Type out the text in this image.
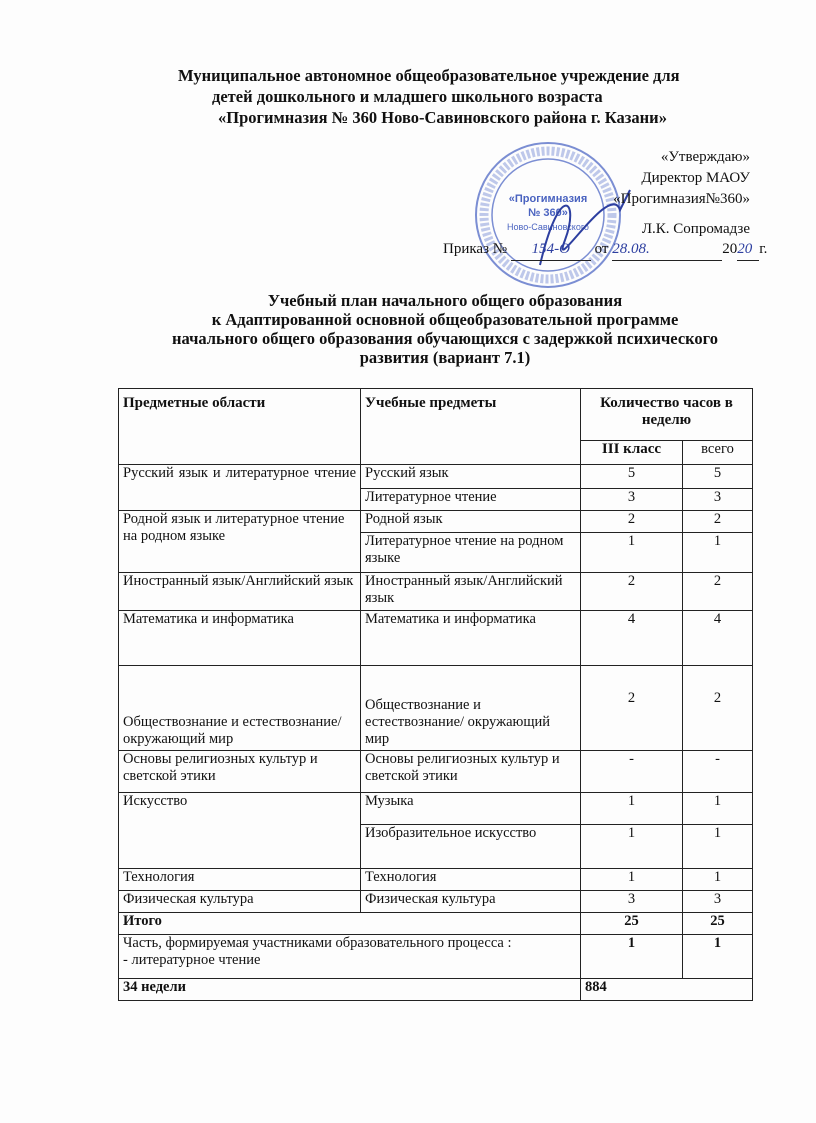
Муниципальное автономное общеобразовательное учреждение для
детей дошкольного и младшего школьного возраста
«Прогимназия № 360 Ново-Савиновского района г. Казани»
«Прогимназия
№ 360»
Ново-Савиновского
«Утверждаю»
Директор МАОУ
«Прогимназия№360»
Л.К. Сопромадзе
Приказ № 154-О от 28.08.	2020 г.
Учебный план начального общего образования
к Адаптированной основной общеобразовательной программе
начального общего образования обучающихся с задержкой психического
развития (вариант 7.1)
Предметные области	Учебные предметы	Количество часов в неделю	
		III класс	всего
Русский язык и литературное чтение	Русский язык	5	5
	Литературное чтение	3	3
Родной язык и литературное чтение на родном языке	Родной язык	2	2
	Литературное чтение на родном языке	1	1
Иностранный язык/Английский язык	Иностранный язык/Английский язык	2	2
Математика и информатика	Математика и информатика	4	4
Обществознание и естествознание/ окружающий мир	Обществознание и естествознание/ окружающий мир	2	2
Основы религиозных культур и светской этики	Основы религиозных культур и светской этики	-	-
Искусство	Музыка	1	1
	Изобразительное искусство	1	1
Технология	Технология	1	1
Физическая культура	Физическая культура	3	3
Итого		25	25

Часть, формируемая участниками образовательного процесса :
- литературное чтение		1	1
34 недели		884	
